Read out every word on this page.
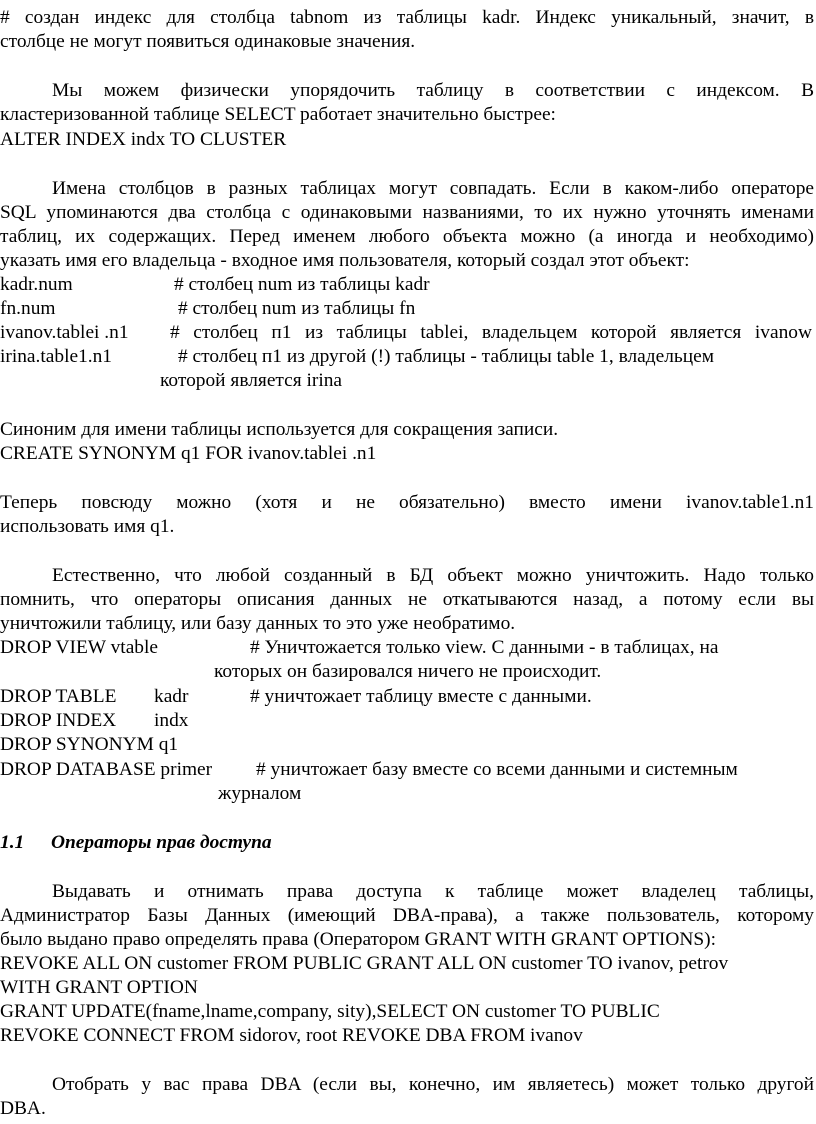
# создан индекс для столбца tabnom из таблицы kadr. Индекс уникальный, значит, в
столбце не могут появиться одинаковые значения.
Мы можем физически упорядочить таблицу в соответствии с индексом. В
кластеризованной таблице SELECT работает значительно быстрее:
ALTER INDEX indx TO CLUSTER
Имена столбцов в разных таблицах могут совпадать. Если в каком-либо операторе
SQL упоминаются два столбца с одинаковыми названиями, то их нужно уточнять именами
таблиц, их содержащих. Перед именем любого объекта можно (а иногда и необходимо)
указать имя его владельца - входное имя пользователя, который создал этот объект:
kadr.num	# столбец num из таблицы kadr
fn.num	# столбец num из таблицы fn
ivanov.tablei .n1 # столбец п1 из таблицы tablei, владельцем которой является ivanow
irina.table1.n1	# столбец п1 из другой (!) таблицы - таблицы table 1, владельцем
которой является irina
Синоним для имени таблицы используется для сокращения записи.
CREATE SYNONYM q1 FOR ivanov.tablei .n1
Теперь повсюду можно (хотя и не обязательно) вместо имени ivanov.table1.n1
использовать имя q1.
Естественно, что любой созданный в БД объект можно уничтожить. Надо только
помнить, что операторы описания данных не откатываются назад, а потому если вы
уничтожили таблицу, или базу данных то это уже необратимо.
DROP VIEW vtable	# Уничтожается только view. С данными - в таблицах, на
которых он базировался ничего не происходит.
DROP TABLE kadr	# уничтожает таблицу вместе с данными.
DROP INDEX indx
DROP SYNONYM q1
DROP DATABASE primer # уничтожает базу вместе со всеми данными и системным
журналом
1.1 Операторы прав доступа
Выдавать и отнимать права доступа к таблице может владелец таблицы,
Администратор Базы Данных (имеющий DBA-права), а также пользователь, которому
было выдано право определять права (Оператором GRANT WITH GRANT OPTIONS):
REVOKE ALL ON customer FROM PUBLIC GRANT ALL ON customer TO ivanov, petrov
WITH GRANT OPTION
GRANT UPDATE(fname,lname,company, sity),SELECT ON customer TO PUBLIC
REVOKE CONNECT FROM sidorov, root REVOKE DBA FROM ivanov
Отобрать у вас права DBA (если вы, конечно, им являетесь) может только другой
DBA.
